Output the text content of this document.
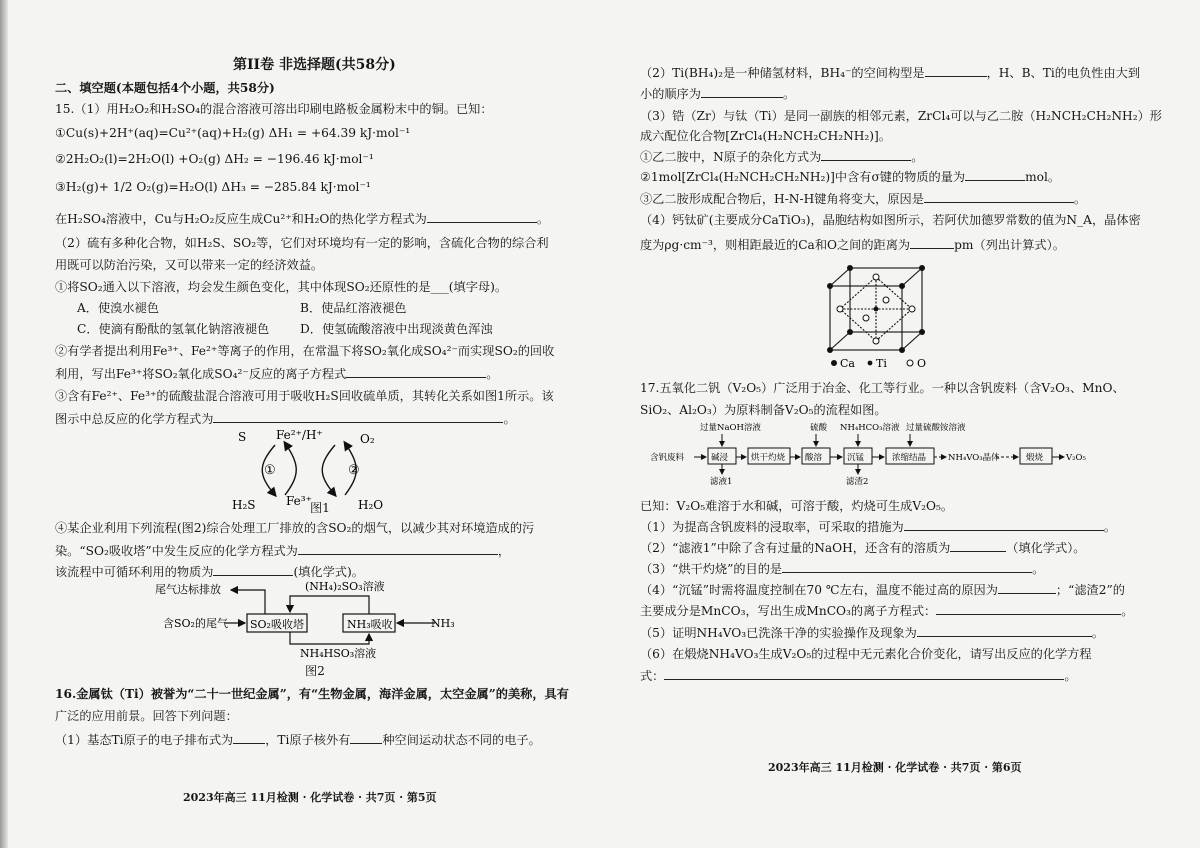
第II卷 非选择题(共58分)
二、填空题(本题包括4个小题，共58分)
15.（1）用H₂O₂和H₂SO₄的混合溶液可溶出印刷电路板金属粉末中的铜。已知：
①Cu(s)+2H⁺(aq)=Cu²⁺(aq)+H₂(g) ΔH₁ = +64.39 kJ·mol⁻¹
②2H₂O₂(l)=2H₂O(l) +O₂(g) ΔH₂ = −196.46 kJ·mol⁻¹
③H₂(g)+ 1/2 O₂(g)=H₂O(l) ΔH₃ = −285.84 kJ·mol⁻¹
在H₂SO₄溶液中，Cu与H₂O₂反应生成Cu²⁺和H₂O的热化学方程式为	。
（2）硫有多种化合物，如H₂S、SO₂等，它们对环境均有一定的影响，含硫化合物的综合利
用既可以防治污染，又可以带来一定的经济效益。
①将SO₂通入以下溶液，均会发生颜色变化，其中体现SO₂还原性的是___(填字母)。
A．使溴水褪色	B．使品红溶液褪色
C．使滴有酚酞的氢氧化钠溶液褪色	D．使氢硫酸溶液中出现淡黄色浑浊
②有学者提出利用Fe³⁺、Fe²⁺等离子的作用，在常温下将SO₂氧化成SO₄²⁻而实现SO₂的回收
利用，写出Fe³⁺将SO₂氧化成SO₄²⁻反应的离子方程式	。
③含有Fe²⁺、Fe³⁺的硫酸盐混合溶液可用于吸收H₂S回收硫单质，其转化关系如图1所示。该
图示中总反应的化学方程式为	。
S Fe²⁺/H⁺	O₂
①	②
H₂S	Fe³⁺	H₂O
图1
④某企业利用下列流程(图2)综合处理工厂排放的含SO₂的烟气，以减少其对环境造成的污
染。“SO₂吸收塔”中发生反应的化学方程式为	，
该流程中可循环利用的物质为	(填化学式)。
SO₂吸收塔	NH₃吸收
含SO₂的尾气	NH₃
尾气达标排放	(NH₄)₂SO₃溶液
NH₄HSO₃溶液
图2
16.金属钛（Ti）被誉为“二十一世纪金属”，有“生物金属，海洋金属，太空金属”的美称，具有
广泛的应用前景。回答下列问题：
（1）基态Ti原子的电子排布式为	，Ti原子核外有	种空间运动状态不同的电子。
2023年高三 11月检测 · 化学试卷 · 共7页 · 第5页
（2）Ti(BH₄)₂是一种储氢材料，BH₄⁻的空间构型是	，H、B、Ti的电负性由大到
小的顺序为	。
（3）锆（Zr）与钛（Ti）是同一副族的相邻元素，ZrCl₄可以与乙二胺（H₂NCH₂CH₂NH₂）形
成六配位化合物[ZrCl₄(H₂NCH₂CH₂NH₂)]。
①乙二胺中，N原子的杂化方式为	。
②1mol[ZrCl₄(H₂NCH₂CH₂NH₂)]中含有σ键的物质的量为	mol。
③乙二胺形成配合物后，H-N-H键角将变大，原因是	。
（4）钙钛矿(主要成分CaTiO₃)，晶胞结构如图所示，若阿伏加德罗常数的值为N_A，晶体密
度为ρg·cm⁻³，则相距最近的Ca和O之间的距离为	pm（列出计算式）。
Ca Ti	O
17.五氧化二钒（V₂O₅）广泛用于冶金、化工等行业。一种以含钒废料（含V₂O₃、MnO、
SiO₂、Al₂O₃）为原料制备V₂O₅的流程如图。
过量NaOH溶液	硫酸 NH₄HCO₃溶液 过量硫酸铵溶液
含钒废料	碱浸	烘干灼烧 酸溶	沉锰	浓缩结晶	NH₄VO₃晶体	煅烧	V₂O₅
滤液1	滤渣2
已知：V₂O₅难溶于水和碱，可溶于酸，灼烧可生成V₂O₅。
（1）为提高含钒废料的浸取率，可采取的措施为	。
（2）“滤液1”中除了含有过量的NaOH，还含有的溶质为	（填化学式）。
（3）“烘干灼烧”的目的是	。
（4）“沉锰”时需将温度控制在70 ℃左右，温度不能过高的原因为	；“滤渣2”的
主要成分是MnCO₃，写出生成MnCO₃的离子方程式：	。
（5）证明NH₄VO₃已洗涤干净的实验操作及现象为	。
（6）在煅烧NH₄VO₃生成V₂O₅的过程中无元素化合价变化，请写出反应的化学方程
式：	。
2023年高三 11月检测 · 化学试卷 · 共7页 · 第6页
